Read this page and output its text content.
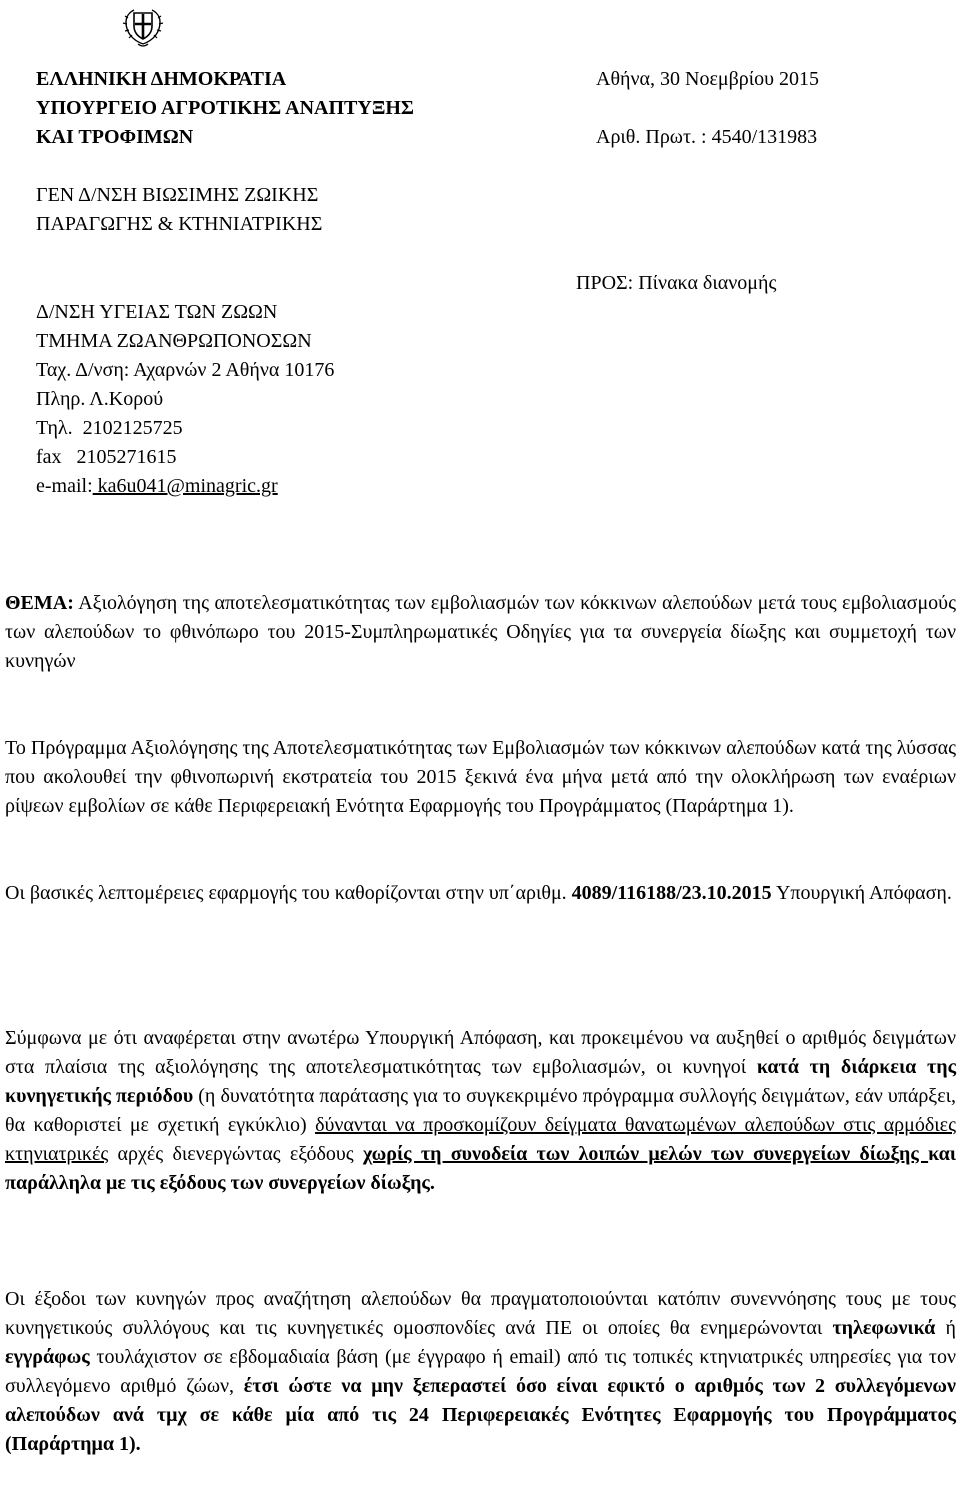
ΕΛΛΗΝΙΚΗ ΔΗΜΟΚΡΑΤΙΑ
ΥΠΟΥΡΓΕΙΟ ΑΓΡΟΤΙΚΗΣ ΑΝΑΠΤΥΞΗΣ
ΚΑΙ ΤΡΟΦΙΜΩΝ
Αθήνα, 30 Νοεμβρίου 2015
Αριθ. Πρωτ. : 4540/131983
ΓΕΝ Δ/ΝΣΗ ΒΙΩΣΙΜΗΣ ΖΩΙΚΗΣ
ΠΑΡΑΓΩΓΗΣ & ΚΤΗΝΙΑΤΡΙΚΗΣ
Δ/ΝΣΗ ΥΓΕΙΑΣ ΤΩΝ ΖΩΩΝ
ΤΜΗΜΑ ΖΩΑΝΘΡΩΠΟΝΟΣΩΝ
Ταχ. Δ/νση: Αχαρνών 2 Αθήνα 10176
Πληρ. Λ.Κορού
Τηλ.  2102125725
fax   2105271615
e-mail: ka6u041@minagric.gr
ΠΡΟΣ: Πίνακα διανομής

ΘΕΜΑ: Αξιολόγηση της αποτελεσματικότητας των εμβολιασμών των κόκκινων αλεπούδων μετά τους εμβολιασμούς των αλεπούδων το φθινόπωρο του 2015-Συμπληρωματικές Οδηγίες για τα συνεργεία δίωξης και συμμετοχή των κυνηγών

Το Πρόγραμμα Αξιολόγησης της Αποτελεσματικότητας των Εμβολιασμών των κόκκινων αλεπούδων κατά της λύσσας που ακολουθεί την φθινοπωρινή εκστρατεία του 2015 ξεκινά ένα μήνα μετά από την ολοκλήρωση των εναέριων ρίψεων εμβολίων σε κάθε Περιφερειακή Ενότητα Εφαρμογής του Προγράμματος (Παράρτημα 1).

Οι βασικές λεπτομέρειες εφαρμογής του καθορίζονται στην υπ΄αριθμ. 4089/116188/23.10.2015 Υπουργική Απόφαση.

Σύμφωνα με ότι αναφέρεται στην ανωτέρω Υπουργική Απόφαση, και προκειμένου να αυξηθεί ο αριθμός δειγμάτων στα πλαίσια της αξιολόγησης της αποτελεσματικότητας των εμβολιασμών, οι κυνηγοί κατά τη διάρκεια της κυνηγετικής περιόδου (η δυνατότητα παράτασης για το συγκεκριμένο πρόγραμμα συλλογής δειγμάτων, εάν υπάρξει, θα καθοριστεί με σχετική εγκύκλιο) δύνανται να προσκομίζουν δείγματα θανατωμένων αλεπούδων στις αρμόδιες κτηνιατρικές αρχές διενεργώντας εξόδους χωρίς τη συνοδεία των λοιπών μελών των συνεργείων δίωξης και παράλληλα με τις εξόδους των συνεργείων δίωξης.

Οι έξοδοι των κυνηγών προς αναζήτηση αλεπούδων θα πραγματοποιούνται κατόπιν συνεννόησης τους με τους κυνηγετικούς συλλόγους και τις κυνηγετικές ομοσπονδίες ανά ΠΕ οι οποίες θα ενημερώνονται τηλεφωνικά ή εγγράφως τουλάχιστον σε εβδομαδιαία βάση (με έγγραφο ή email) από τις τοπικές κτηνιατρικές υπηρεσίες για τον συλλεγόμενο αριθμό ζώων, έτσι ώστε να μην ξεπεραστεί όσο είναι εφικτό ο αριθμός των 2 συλλεγόμενων αλεπούδων ανά τμχ σε κάθε μία από τις 24 Περιφερειακές Ενότητες Εφαρμογής του Προγράμματος (Παράρτημα 1).
